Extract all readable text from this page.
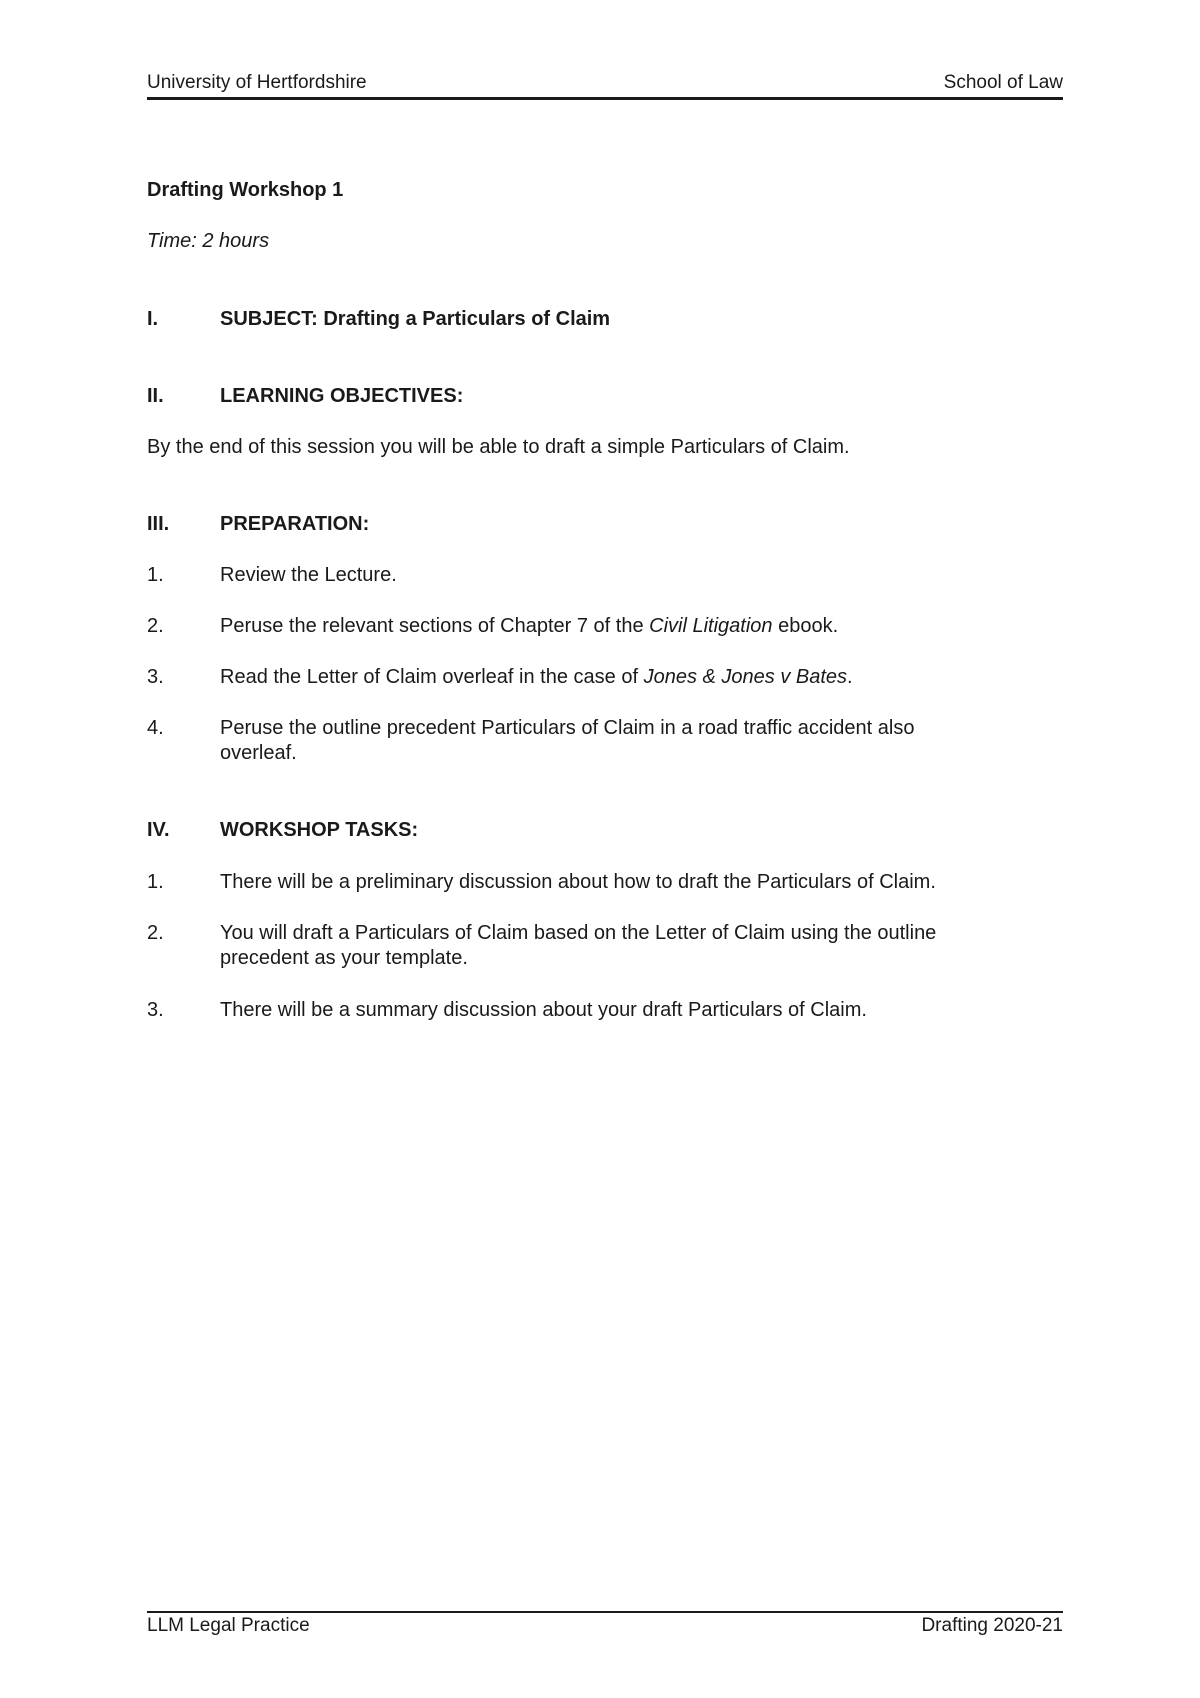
University of Hertfordshire	School of Law
Drafting Workshop 1
Time: 2 hours
I.	SUBJECT: Drafting a Particulars of Claim
II.	LEARNING OBJECTIVES:
By the end of this session you will be able to draft a simple Particulars of Claim.
III.	PREPARATION:
1.	Review the Lecture.
2.	Peruse the relevant sections of Chapter 7 of the Civil Litigation ebook.
3.	Read the Letter of Claim overleaf in the case of Jones & Jones v Bates.
4.	Peruse the outline precedent Particulars of Claim in a road traffic accident also
overleaf.
IV.	WORKSHOP TASKS:
1.	There will be a preliminary discussion about how to draft the Particulars of Claim.
2.	You will draft a Particulars of Claim based on the Letter of Claim using the outline
precedent as your template.
3.	There will be a summary discussion about your draft Particulars of Claim.
LLM Legal Practice	Drafting 2020-21
